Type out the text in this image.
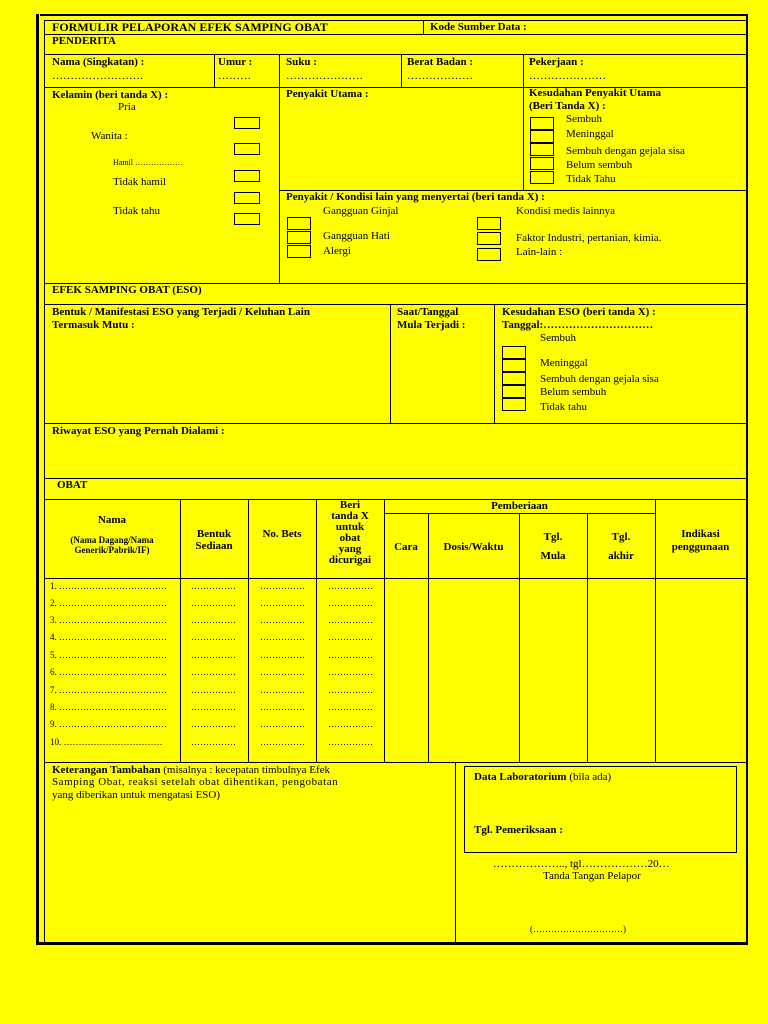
FORMULIR PELAPORAN EFEK SAMPING OBAT	Kode Sumber Data :
PENDERITA
Nama (Singkatan) :
…………………….
Umur :
………
Suku :
…………………
Berat Badan :
………………
Pekerjaan :
…………………
Kelamin (beri tanda X) :
Pria
Wanita :
Hamil ………………
Tidak hamil
Tidak tahu
Penyakit Utama :	Kesudahan Penyakit Utama
(Beri Tanda X) :
Sembuh
Meninggal
Sembuh dengan gejala sisa
Belum sembuh
Tidak Tahu
Penyakit / Kondisi lain yang menyertai (beri tanda X) :
Gangguan Ginjal
Gangguan Hati
Alergi
Kondisi medis lainnya
Faktor Industri, pertanian, kimia.
Lain-lain :
EFEK SAMPING OBAT (ESO)
Bentuk / Manifestasi ESO yang Terjadi / Keluhan Lain
Termasuk Mutu :
Saat/Tanggal
Mula Terjadi :
Kesudahan ESO (beri tanda X) :
Tanggal:…………………………
Sembuh
Meninggal
Sembuh dengan gejala sisa
Belum sembuh
Tidak tahu
Riwayat ESO yang Pernah Dialami :
OBAT
Nama
(Nama Dagang/Nama Generik/Pabrik/IF)
Bentuk Sediaan
No. Bets
Beri tanda X untuk obat yang dicurigai
Pemberiaan
Cara	Dosis/Waktu
Tgl. Mula
Tgl. akhir
Indikasi penggunaan
1. ………………………………	……………	……………	……………
2. ………………………………	……………	……………	……………
3. ………………………………	……………	……………	……………
4. ………………………………	……………	……………	……………
5. ………………………………	……………	……………	……………
6. ………………………………	……………	……………	……………
7. ………………………………	……………	……………	……………
8. ………………………………	……………	……………	……………
9. ………………………………	……………	……………	……………
10. ……………………………	……………	……………	……………
Keterangan Tambahan (misalnya : kecepatan timbulnya Efek
Samping Obat, reaksi setelah obat dihentikan, pengobatan
yang diberikan untuk mengatasi ESO)
Data Laboratorium (bila ada)
Tgl. Pemeriksaan :
……………….., tgl………………20…
Tanda Tangan Pelapor
(…………………………)
